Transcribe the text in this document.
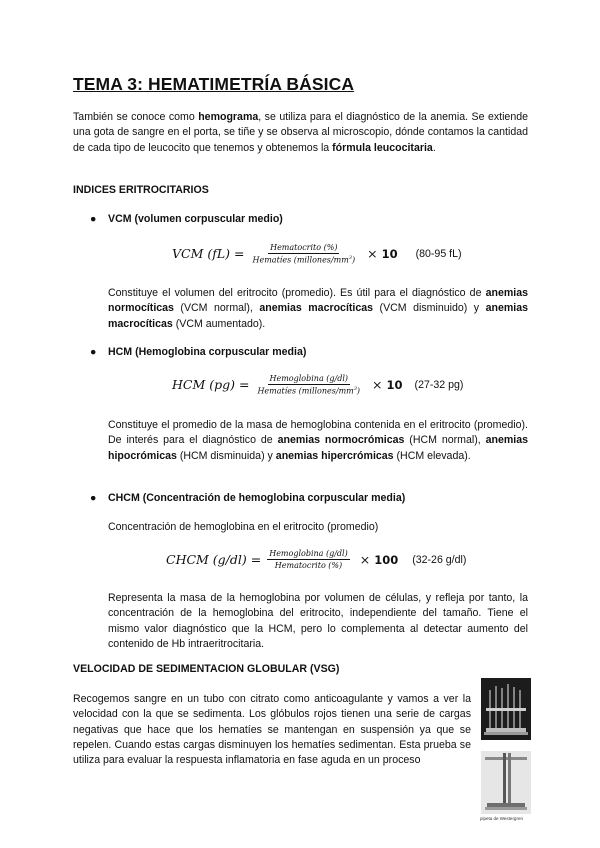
TEMA 3: HEMATIMETRÍA BÁSICA

También se conoce como hemograma, se utiliza para el diagnóstico de la anemia. Se extiende una gota de sangre en el porta, se tiñe y se observa al microscopio, dónde contamos la cantidad de cada tipo de leucocito que tenemos y obtenemos la fórmula leucocitaria.

INDICES ERITROCITARIOS
● VCM (volumen corpuscular medio)
VCM $(fL) = \frac{\text{Hematocrito (\%)}}{Hematíes (millones/mm^3)} \times 10$ (80-95 fL)

Constituye el volumen del eritrocito (promedio). Es útil para el diagnóstico de anemias normocíticas (VCM normal), anemias macrocíticas (VCM disminuido) y anemias macrocíticas (VCM aumentado).

● HCM (Hemoglobina corpuscular media)
HCM $(pg) = \frac{\text{Hemoglobina (g/dl)}}{Hematíes (millones/mm^3)} \times 10$ (27-32 pg)

Constituye el promedio de la masa de hemoglobina contenida en el eritrocito (promedio). De interés para el diagnóstico de anemias normocrómicas (HCM normal), anemias hipocrómicas (HCM disminuida) y anemias hipercrómicas (HCM elevada).

● CHCM (Concentración de hemoglobina corpuscular media)

Concentración de hemoglobina en el eritrocito (promedio)

CHCM $(g/dl) = \frac{\text{Hemoglobina (g/dl)}}{\text{Hematocrito (\%)}} \times 100$ (32-26 g/dl)

Representa la masa de la hemoglobina por volumen de células, y refleja por tanto, la concentración de la hemoglobina del eritrocito, independiente del tamaño. Tiene el mismo valor diagnóstico que la HCM, pero lo complementa al detectar aumento del contenido de Hb intraeritrocitaria.

VELOCIDAD DE SEDIMENTACION GLOBULAR (VSG)

Recogemos sangre en un tubo con citrato como anticoagulante y vamos a ver la velocidad con la que se sedimenta. Los glóbulos rojos tienen una serie de cargas negativas que hace que los hematíes se mantengan en suspensión ya que se repelen. Cuando estas cargas disminuyen los hematíes sedimentan. Esta prueba se utiliza para evaluar la respuesta inflamatoria en fase aguda en un proceso

pipeta de Westergren
